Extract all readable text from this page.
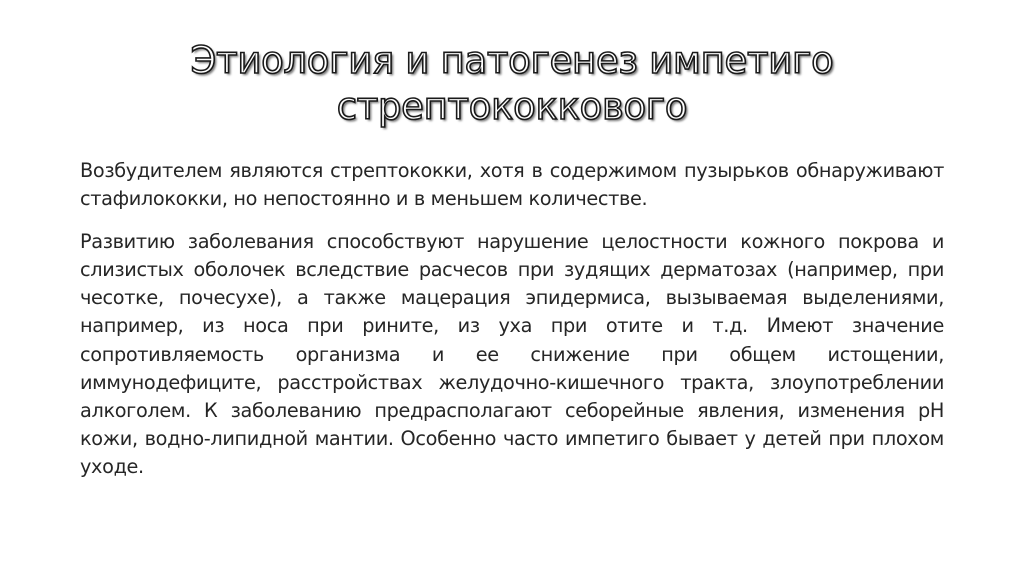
Этиология и патогенез импетиго стрептококкового

Возбудителем являются стрептококки, хотя в содержимом пузырьков обнаруживают стафилококки, но непостоянно и в меньшем количестве.

Развитию заболевания способствуют нарушение целостности кожного покрова и слизистых оболочек вследствие расчесов при зудящих дерматозах (например, при чесотке, почесухе), а также мацерация эпидермиса, вызываемая выделениями, например, из носа при рините, из уха при отите и т.д. Имеют значение сопротивляемость организма и ее снижение при общем истощении, иммунодефиците, расстройствах желудочно-кишечного тракта, злоупотреблении алкоголем. К заболеванию предрасполагают себорейные явления, изменения рН кожи, водно-липидной мантии. Особенно часто импетиго бывает у детей при плохом уходе.
